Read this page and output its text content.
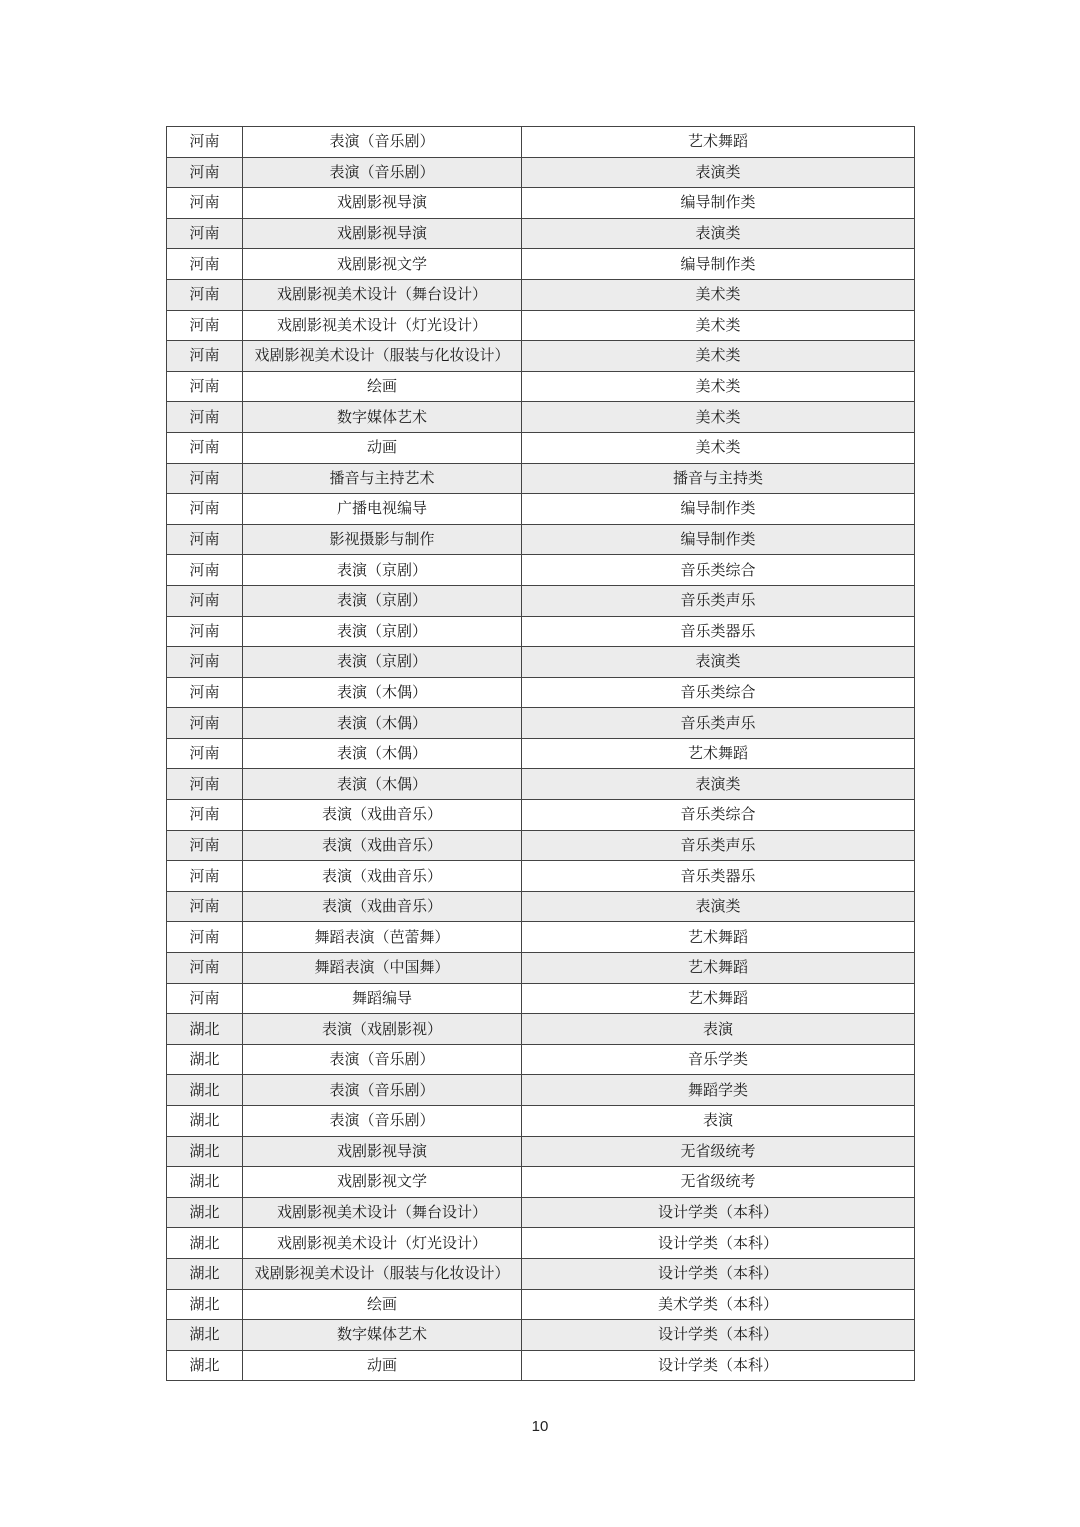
河南	表演（音乐剧）	艺术舞蹈
河南	表演（音乐剧）	表演类
河南	戏剧影视导演	编导制作类
河南	戏剧影视导演	表演类
河南	戏剧影视文学	编导制作类
河南	戏剧影视美术设计（舞台设计）	美术类
河南	戏剧影视美术设计（灯光设计）	美术类
河南	戏剧影视美术设计（服装与化妆设计）	美术类
河南	绘画	美术类
河南	数字媒体艺术	美术类
河南	动画	美术类
河南	播音与主持艺术	播音与主持类
河南	广播电视编导	编导制作类
河南	影视摄影与制作	编导制作类
河南	表演（京剧）	音乐类综合
河南	表演（京剧）	音乐类声乐
河南	表演（京剧）	音乐类器乐
河南	表演（京剧）	表演类
河南	表演（木偶）	音乐类综合
河南	表演（木偶）	音乐类声乐
河南	表演（木偶）	艺术舞蹈
河南	表演（木偶）	表演类
河南	表演（戏曲音乐）	音乐类综合
河南	表演（戏曲音乐）	音乐类声乐
河南	表演（戏曲音乐）	音乐类器乐
河南	表演（戏曲音乐）	表演类
河南	舞蹈表演（芭蕾舞）	艺术舞蹈
河南	舞蹈表演（中国舞）	艺术舞蹈
河南	舞蹈编导	艺术舞蹈
湖北	表演（戏剧影视）	表演
湖北	表演（音乐剧）	音乐学类
湖北	表演（音乐剧）	舞蹈学类
湖北	表演（音乐剧）	表演
湖北	戏剧影视导演	无省级统考
湖北	戏剧影视文学	无省级统考
湖北	戏剧影视美术设计（舞台设计）	设计学类（本科）
湖北	戏剧影视美术设计（灯光设计）	设计学类（本科）
湖北	戏剧影视美术设计（服装与化妆设计）	设计学类（本科）
湖北	绘画	美术学类（本科）
湖北	数字媒体艺术	设计学类（本科）
湖北	动画	设计学类（本科）
10
